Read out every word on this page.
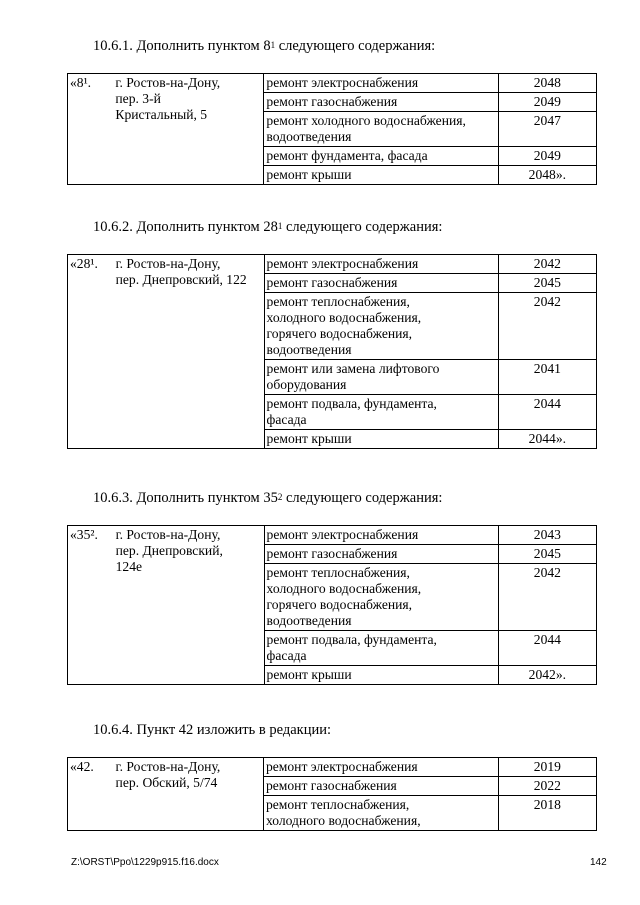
10.6.1. Дополнить пунктом $8^1$ следующего содержания:
«8¹.	г. Ростов-на-Дону,
пер. 3-й
Кристальный, 5	ремонт электроснабжения	2048
		ремонт газоснабжения	2049
		ремонт холодного водоснабжения,
водоотведения	2047
		ремонт фундамента, фасада	2049
		ремонт крыши	2048».
10.6.2. Дополнить пунктом $28^1$ следующего содержания:
«28¹.	г. Ростов-на-Дону,
пер. Днепровский, 122	ремонт электроснабжения	2042
		ремонт газоснабжения	2045
		ремонт теплоснабжения,
холодного водоснабжения,
горячего водоснабжения,
водоотведения	2042
		ремонт или замена лифтового
оборудования	2041
		ремонт подвала, фундамента,
фасада	2044
		ремонт крыши	2044».
10.6.3. Дополнить пунктом $35^2$ следующего содержания:
«35².	г. Ростов-на-Дону,
пер. Днепровский,
124е	ремонт электроснабжения	2043
		ремонт газоснабжения	2045
		ремонт теплоснабжения,
холодного водоснабжения,
горячего водоснабжения,
водоотведения	2042
		ремонт подвала, фундамента,
фасада	2044
		ремонт крыши	2042».
10.6.4. Пункт 42 изложить в редакции:
«42.	г. Ростов-на-Дону,
пер. Обский, 5/74	ремонт электроснабжения	2019
		ремонт газоснабжения	2022
		ремонт теплоснабжения,
холодного водоснабжения,	2018
Z:\ORST\Ppo\1229p915.f16.docx	142
